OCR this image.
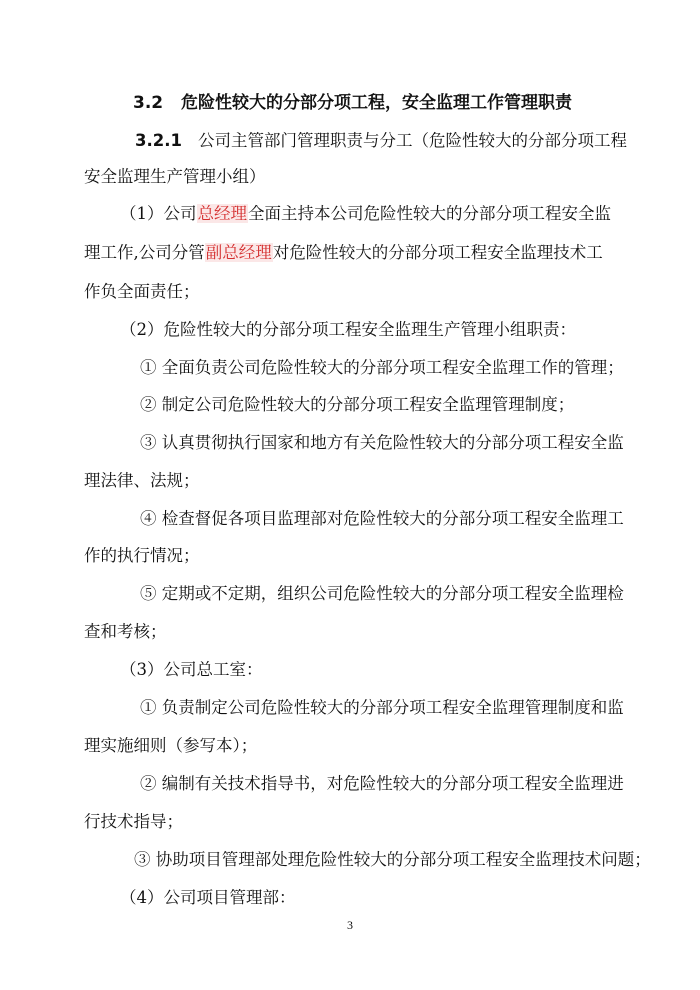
3.2 危险性较大的分部分项工程，安全监理工作管理职责
3.2.1 公司主管部门管理职责与分工（危险性较大的分部分项工程
安全监理生产管理小组）
（1）公司总经理全面主持本公司危险性较大的分部分项工程安全监
理工作,公司分管副总经理对危险性较大的分部分项工程安全监理技术工
作负全面责任；
（2）危险性较大的分部分项工程安全监理生产管理小组职责：
① 全面负责公司危险性较大的分部分项工程安全监理工作的管理；
② 制定公司危险性较大的分部分项工程安全监理管理制度；
③ 认真贯彻执行国家和地方有关危险性较大的分部分项工程安全监
理法律、法规；
④ 检查督促各项目监理部对危险性较大的分部分项工程安全监理工
作的执行情况；
⑤ 定期或不定期，组织公司危险性较大的分部分项工程安全监理检
查和考核；
（3）公司总工室：
① 负责制定公司危险性较大的分部分项工程安全监理管理制度和监
理实施细则（参写本）；
② 编制有关技术指导书，对危险性较大的分部分项工程安全监理进
行技术指导；
③ 协助项目管理部处理危险性较大的分部分项工程安全监理技术问题；
（4）公司项目管理部：
3
